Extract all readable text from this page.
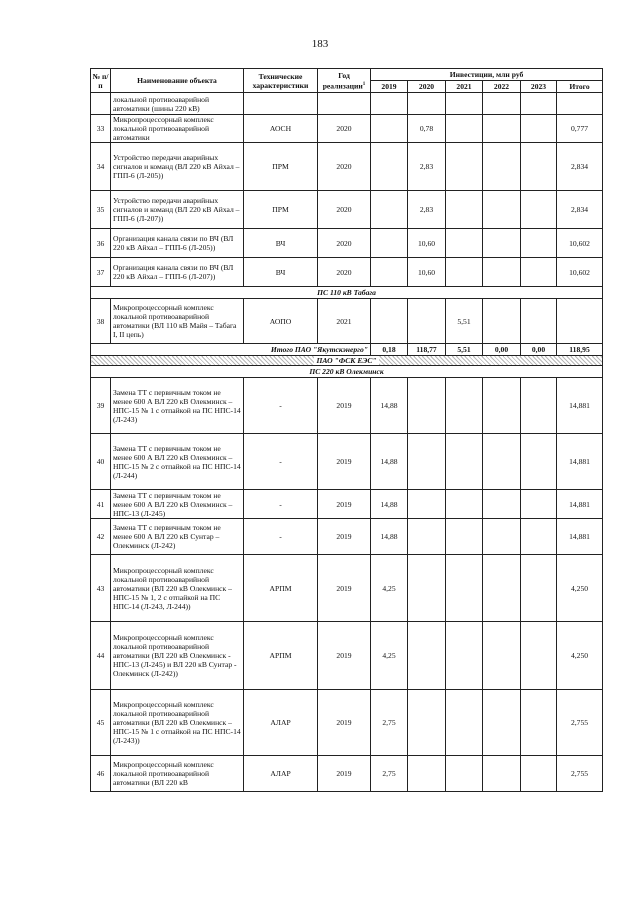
183
№ п/п	Наименование объекта	Технические характеристики	Год реализации$^1$	Инвестиции, млн руб					
				2019	2020	2021	2022	2023	Итого
	локальной противоаварийной автоматики (шины 220 кВ)								
33	Микропроцессорный комплекс локальной противоаварийной автоматики	АОСН	2020		0,78				0,777
34	Устройство передачи аварийных сигналов и команд (ВЛ 220 кВ Айхал – ГПП-6 (Л-205))	ПРМ	2020		2,83				2,834
35	Устройство передачи аварийных сигналов и команд (ВЛ 220 кВ Айхал – ГПП-6 (Л-207))	ПРМ	2020		2,83				2,834
36	Организация канала связи по ВЧ (ВЛ 220 кВ Айхал – ГПП-6 (Л-205))	ВЧ	2020		10,60				10,602
37	Организация канала связи по ВЧ (ВЛ 220 кВ Айхал – ГПП-6 (Л-207))	ВЧ	2020		10,60				10,602
ПС 110 кВ Табага									
38	Микропроцессорный комплекс локальной противоаварийной автоматики (ВЛ 110 кВ Майя – Табага I, II цепь)	АОПО	2021			5,51			
Итого ПАО "Якутскэнерго"				0,18	118,77	5,51	0,00	0,00	118,95
ПАО "ФСК ЕЭС"									
ПС 220 кВ Олекминск									
39	Замена ТТ с первичным током не менее 600 А ВЛ 220 кВ Олекминск – НПС-15 № 1 с отпайкой на ПС НПС-14 (Л-243)	-	2019	14,88					14,881
40	Замена ТТ с первичным током не менее 600 А ВЛ 220 кВ Олекминск – НПС-15 № 2 с отпайкой на ПС НПС-14 (Л-244)	-	2019	14,88					14,881
41	Замена ТТ с первичным током не менее 600 А ВЛ 220 кВ Олекминск – НПС-13 (Л-245)	-	2019	14,88					14,881
42	Замена ТТ с первичным током не менее 600 А ВЛ 220 кВ Сунтар – Олекминск (Л-242)	-	2019	14,88					14,881
43	Микропроцессорный комплекс локальной противоаварийной автоматики (ВЛ 220 кВ Олекминск – НПС-15 № 1, 2 с отпайкой на ПС НПС-14 (Л-243, Л-244))	АРПМ	2019	4,25					4,250
44	Микропроцессорный комплекс локальной противоаварийной автоматики (ВЛ 220 кВ Олекминск - НПС-13 (Л-245) и ВЛ 220 кВ Сунтар - Олекминск (Л-242))	АРПМ	2019	4,25					4,250
45	Микропроцессорный комплекс локальной противоаварийной автоматики (ВЛ 220 кВ Олекминск – НПС-15 № 1 с отпайкой на ПС НПС-14 (Л-243))	АЛАР	2019	2,75					2,755
46	Микропроцессорный комплекс локальной противоаварийной автоматики (ВЛ 220 кВ	АЛАР	2019	2,75					2,755
